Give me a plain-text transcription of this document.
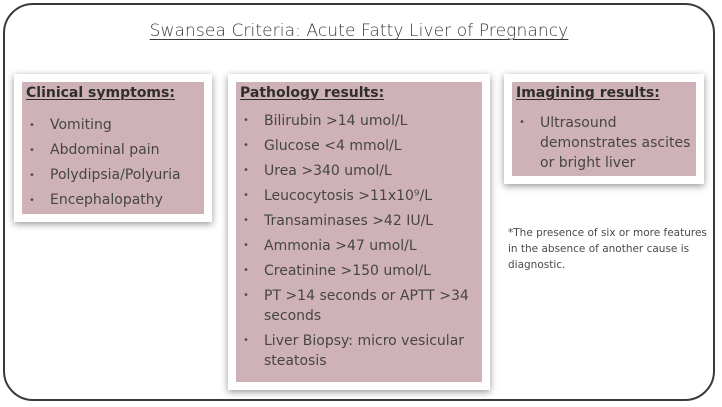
Swansea Criteria: Acute Fatty Liver of Pregnancy
Clinical symptoms:
• Vomiting
• Abdominal pain
• Polydipsia/Polyuria
• Encephalopathy
Pathology results:
• Bilirubin >14 umol/L
• Glucose <4 mmol/L
• Urea >340 umol/L
• Leucocytosis >11x10⁹/L
• Transaminases >42 IU/L
• Ammonia >47 umol/L
• Creatinine >150 umol/L
• PT >14 seconds or APTT >34 seconds
• Liver Biopsy: micro vesicular steatosis
Imagining results:
• Ultrasound demonstrates ascites or bright liver
*The presence of six or more features in the absence of another cause is diagnostic.
